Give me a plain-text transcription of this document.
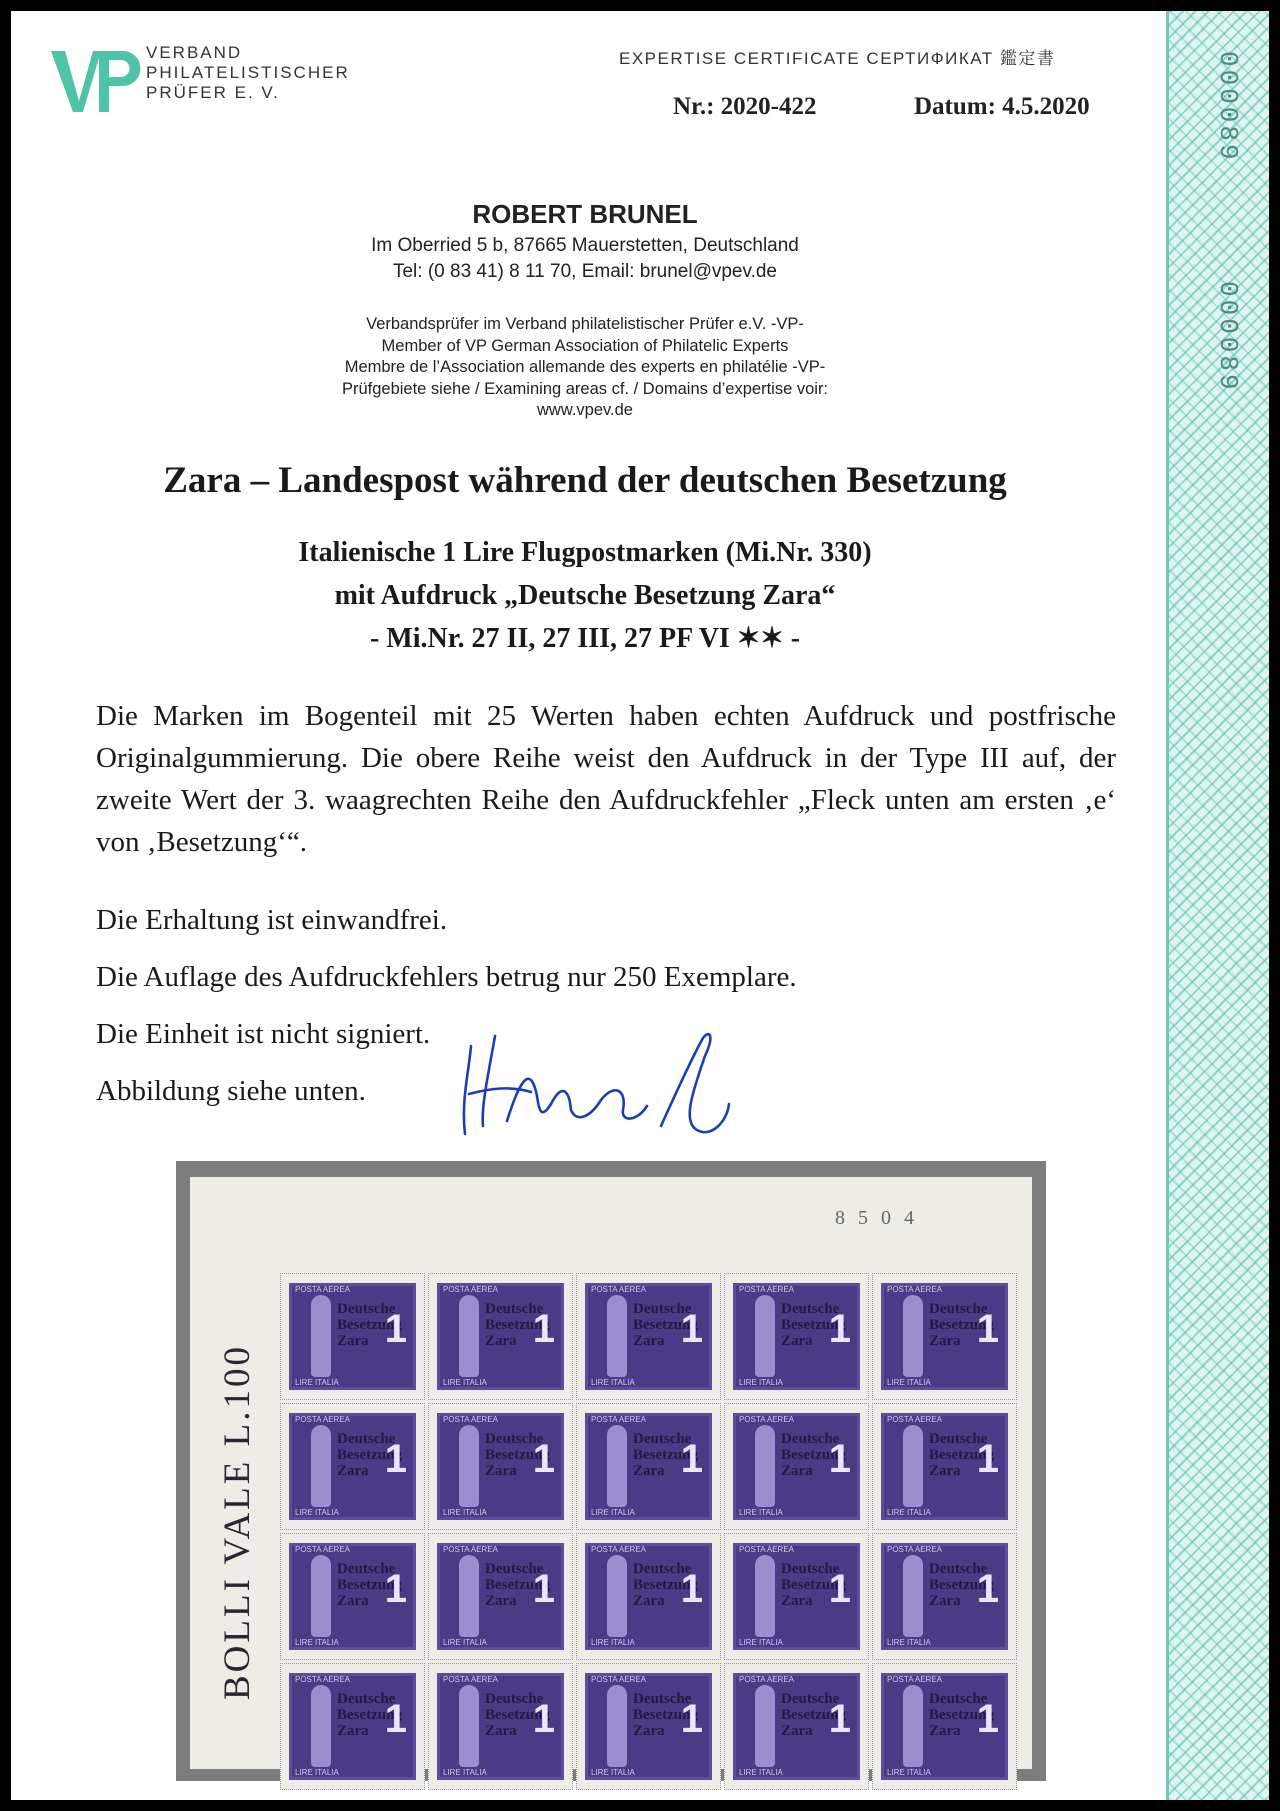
000089
000089
VERBAND
PHILATELISTISCHER
PRÜFER E. V.
EXPERTISE CERTIFICATE СЕРТИФИКАТ 鑑定書
Nr.: 2020-422	Datum: 4.5.2020
ROBERT BRUNEL
Im Oberried 5 b, 87665 Mauerstetten, Deutschland
Tel: (0 83 41) 8 11 70, Email: brunel@vpev.de
Verbandsprüfer im Verband philatelistischer Prüfer e.V. -VP-
Member of VP German Association of Philatelic Experts
Membre de l’Association allemande des experts en philatélie -VP-
Prüfgebiete siehe / Examining areas cf. / Domains d’expertise voir:
www.vpev.de
Zara – Landespost während der deutschen Besetzung
Italienische 1 Lire Flugpostmarken (Mi.Nr. 330)
mit Aufdruck „Deutsche Besetzung Zara“
- Mi.Nr. 27 II, 27 III, 27 PF VI ✶✶ -
Die Marken im Bogenteil mit 25 Werten haben echten Aufdruck und postfrische Originalgummierung. Die obere Reihe weist den Aufdruck in der Type III auf, der zweite Wert der 3. waagrechten Reihe den Aufdruckfehler „Fleck unten am ersten ‚e‘ von ‚Besetzung‘“.
Die Erhaltung ist einwandfrei.
Die Auflage des Aufdruckfehlers betrug nur 250 Exemplare.
Die Einheit ist nicht signiert.
Abbildung siehe unten.
BOLLI VALE L.100
8 5 0 4
POSTA AEREA
Deutsche
Besetzung
Zara 1
LIRE ITALIA
POSTA AEREA
Deutsche
Besetzung
Zara 1
LIRE ITALIA
POSTA AEREA
Deutsche
Besetzung
Zara 1
LIRE ITALIA
POSTA AEREA
Deutsche
Besetzung
Zara 1
LIRE ITALIA
POSTA AEREA
Deutsche
Besetzung
Zara 1
LIRE ITALIA
POSTA AEREA
Deutsche
Besetzung
Zara 1
LIRE ITALIA
POSTA AEREA
Deutsche
Besetzung
Zara 1
LIRE ITALIA
POSTA AEREA
Deutsche
Besetzung
Zara 1
LIRE ITALIA
POSTA AEREA
Deutsche
Besetzung
Zara 1
LIRE ITALIA
POSTA AEREA
Deutsche
Besetzung
Zara 1
LIRE ITALIA
POSTA AEREA
Deutsche
Besetzung
Zara 1
LIRE ITALIA
POSTA AEREA
Deutsche
Besetzung
Zara 1
LIRE ITALIA
POSTA AEREA
Deutsche
Besetzung
Zara 1
LIRE ITALIA
POSTA AEREA
Deutsche
Besetzung
Zara 1
LIRE ITALIA
POSTA AEREA
Deutsche
Besetzung
Zara 1
LIRE ITALIA
POSTA AEREA
Deutsche
Besetzung
Zara 1
LIRE ITALIA
POSTA AEREA
Deutsche
Besetzung
Zara 1
LIRE ITALIA
POSTA AEREA
Deutsche
Besetzung
Zara 1
LIRE ITALIA
POSTA AEREA
Deutsche
Besetzung
Zara 1
LIRE ITALIA
POSTA AEREA
Deutsche
Besetzung
Zara 1
LIRE ITALIA
